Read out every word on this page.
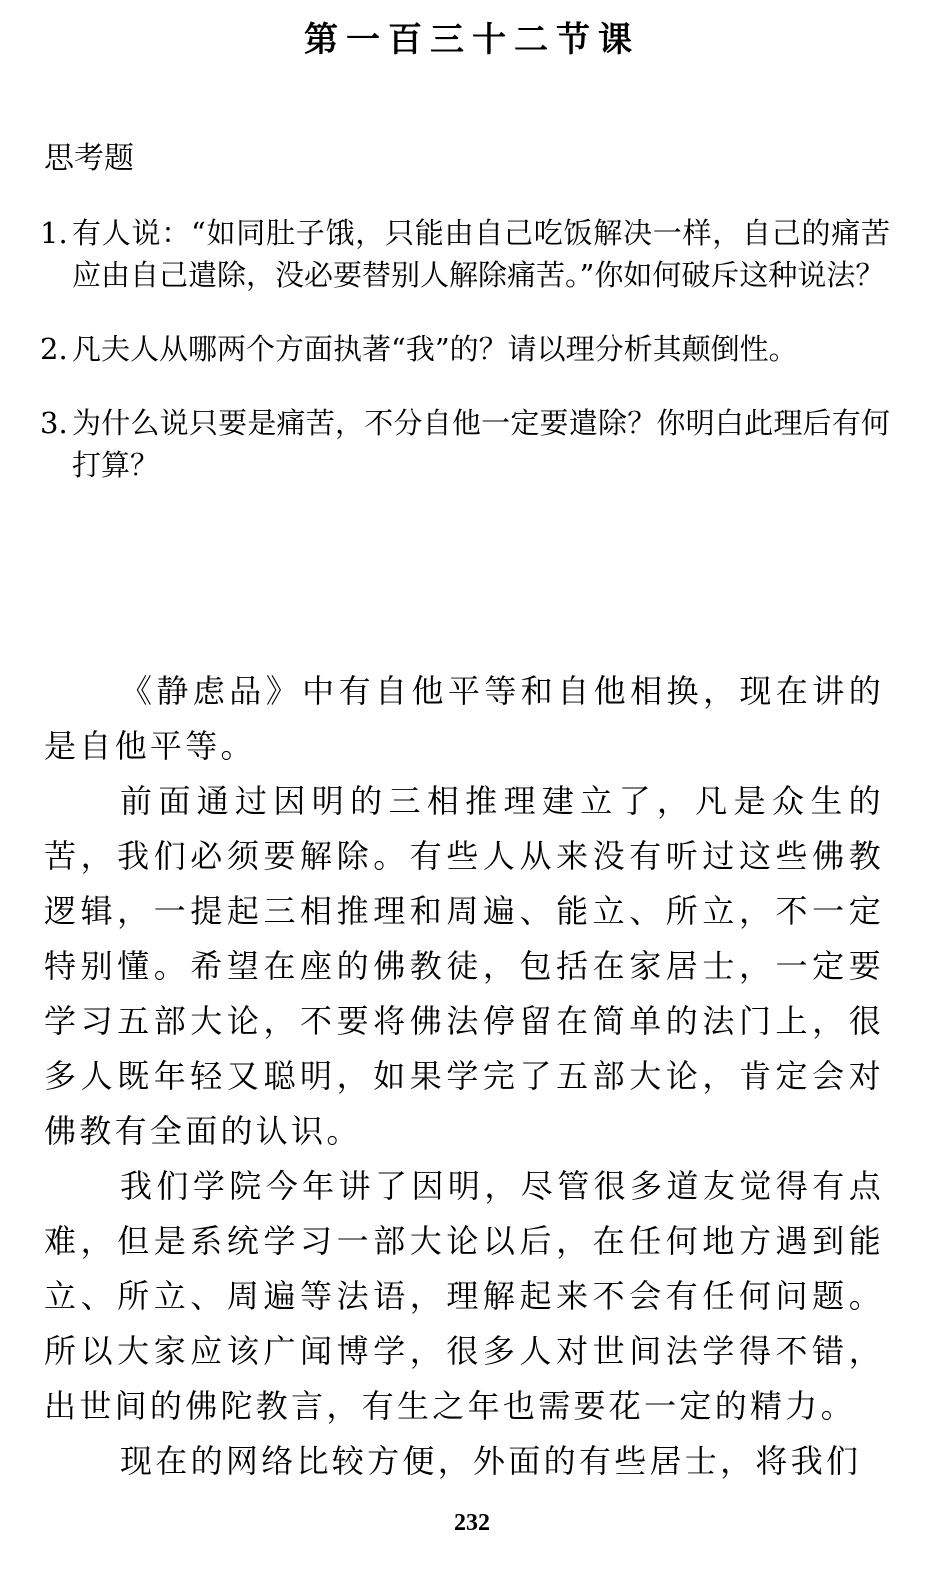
第一百三十二节课

思考题

1. 有人说：“如同肚子饿，只能由自己吃饭解决一样，自己的痛苦应由自己遣除，没必要替别人解除痛苦。”你如何破斥这种说法？
2. 凡夫人从哪两个方面执著“我”的？请以理分析其颠倒性。
3. 为什么说只要是痛苦，不分自他一定要遣除？你明白此理后有何打算？

《静虑品》中有自他平等和自他相换，现在讲的是自他平等。

前面通过因明的三相推理建立了，凡是众生的苦，我们必须要解除。有些人从来没有听过这些佛教逻辑，一提起三相推理和周遍、能立、所立，不一定特别懂。希望在座的佛教徒，包括在家居士，一定要学习五部大论，不要将佛法停留在简单的法门上，很多人既年轻又聪明，如果学完了五部大论，肯定会对佛教有全面的认识。

我们学院今年讲了因明，尽管很多道友觉得有点难，但是系统学习一部大论以后，在任何地方遇到能立、所立、周遍等法语，理解起来不会有任何问题。所以大家应该广闻博学，很多人对世间法学得不错，出世间的佛陀教言，有生之年也需要花一定的精力。

现在的网络比较方便，外面的有些居士，将我们

232
